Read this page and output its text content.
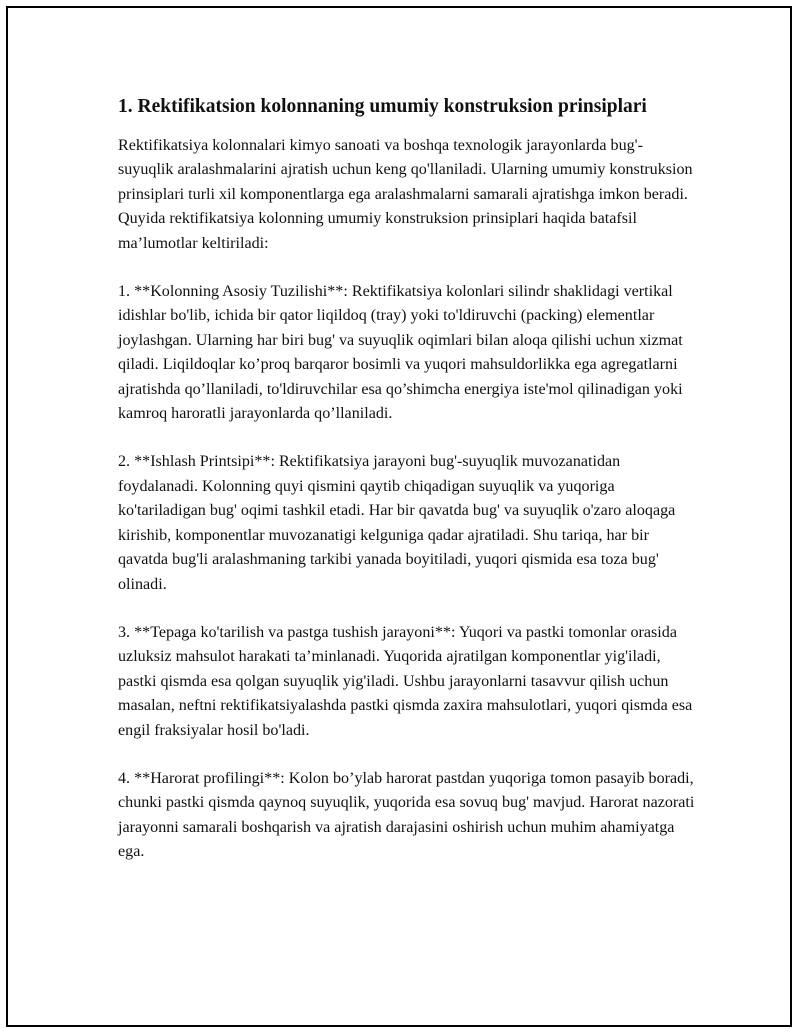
1. Rektifikatsion kolonnaning umumiy konstruksion prinsiplari

Rektifikatsiya kolonnalari kimyo sanoati va boshqa texnologik jarayonlarda bug'-suyuqlik aralashmalarini ajratish uchun keng qo'llaniladi. Ularning umumiy konstruksion prinsiplari turli xil komponentlarga ega aralashmalarni samarali ajratishga imkon beradi. Quyida rektifikatsiya kolonning umumiy konstruksion prinsiplari haqida batafsil ma’lumotlar keltiriladi:

1. **Kolonning Asosiy Tuzilishi**: Rektifikatsiya kolonlari silindr shaklidagi vertikal idishlar bo'lib, ichida bir qator liqildoq (tray) yoki to'ldiruvchi (packing) elementlar joylashgan. Ularning har biri bug' va suyuqlik oqimlari bilan aloqa qilishi uchun xizmat qiladi. Liqildoqlar ko’proq barqaror bosimli va yuqori mahsuldorlikka ega agregatlarni ajratishda qo’llaniladi, to'ldiruvchilar esa qo’shimcha energiya iste'mol qilinadigan yoki kamroq haroratli jarayonlarda qo’llaniladi.

2. **Ishlash Printsipi**: Rektifikatsiya jarayoni bug'-suyuqlik muvozanatidan foydalanadi. Kolonning quyi qismini qaytib chiqadigan suyuqlik va yuqoriga ko'tariladigan bug' oqimi tashkil etadi. Har bir qavatda bug' va suyuqlik o'zaro aloqaga kirishib, komponentlar muvozanatigi kelguniga qadar ajratiladi. Shu tariqa, har bir qavatda bug'li aralashmaning tarkibi yanada boyitiladi, yuqori qismida esa toza bug' olinadi.

3. **Tepaga ko'tarilish va pastga tushish jarayoni**: Yuqori va pastki tomonlar orasida uzluksiz mahsulot harakati ta’minlanadi. Yuqorida ajratilgan komponentlar yig'iladi, pastki qismda esa qolgan suyuqlik yig'iladi. Ushbu jarayonlarni tasavvur qilish uchun masalan, neftni rektifikatsiyalashda pastki qismda zaxira mahsulotlari, yuqori qismda esa engil fraksiyalar hosil bo'ladi.

4. **Harorat profilingi**: Kolon bo’ylab harorat pastdan yuqoriga tomon pasayib boradi, chunki pastki qismda qaynoq suyuqlik, yuqorida esa sovuq bug' mavjud. Harorat nazorati jarayonni samarali boshqarish va ajratish darajasini oshirish uchun muhim ahamiyatga ega.
